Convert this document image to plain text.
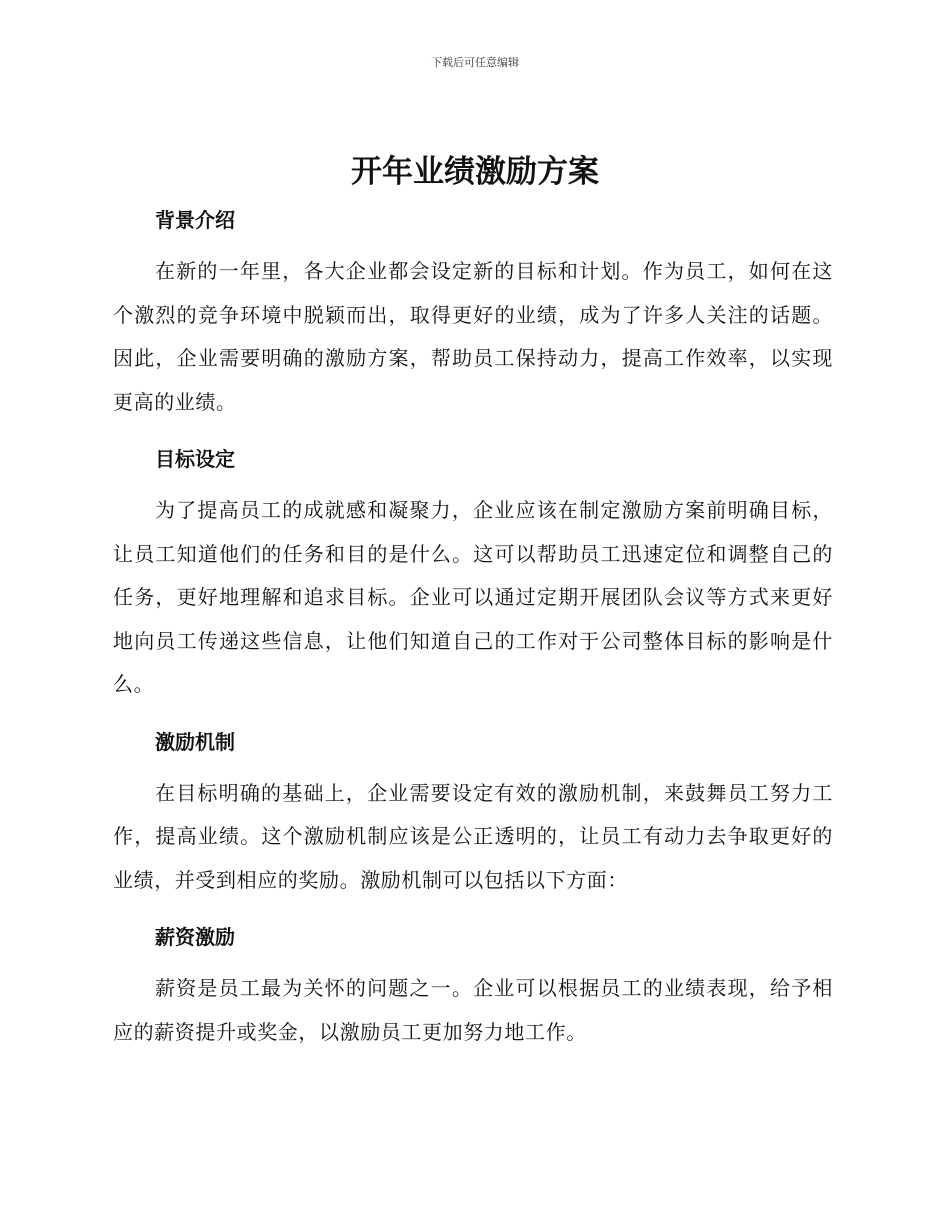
下载后可任意编辑
开年业绩激励方案
背景介绍

在新的一年里，各大企业都会设定新的目标和计划。作为员工，如何在这个激烈的竞争环境中脱颖而出，取得更好的业绩，成为了许多人关注的话题。因此，企业需要明确的激励方案，帮助员工保持动力，提高工作效率，以实现更高的业绩。

目标设定

为了提高员工的成就感和凝聚力，企业应该在制定激励方案前明确目标，让员工知道他们的任务和目的是什么。这可以帮助员工迅速定位和调整自己的任务，更好地理解和追求目标。企业可以通过定期开展团队会议等方式来更好地向员工传递这些信息，让他们知道自己的工作对于公司整体目标的影响是什么。

激励机制

在目标明确的基础上，企业需要设定有效的激励机制，来鼓舞员工努力工作，提高业绩。这个激励机制应该是公正透明的，让员工有动力去争取更好的业绩，并受到相应的奖励。激励机制可以包括以下方面：

薪资激励

薪资是员工最为关怀的问题之一。企业可以根据员工的业绩表现，给予相应的薪资提升或奖金，以激励员工更加努力地工作。
